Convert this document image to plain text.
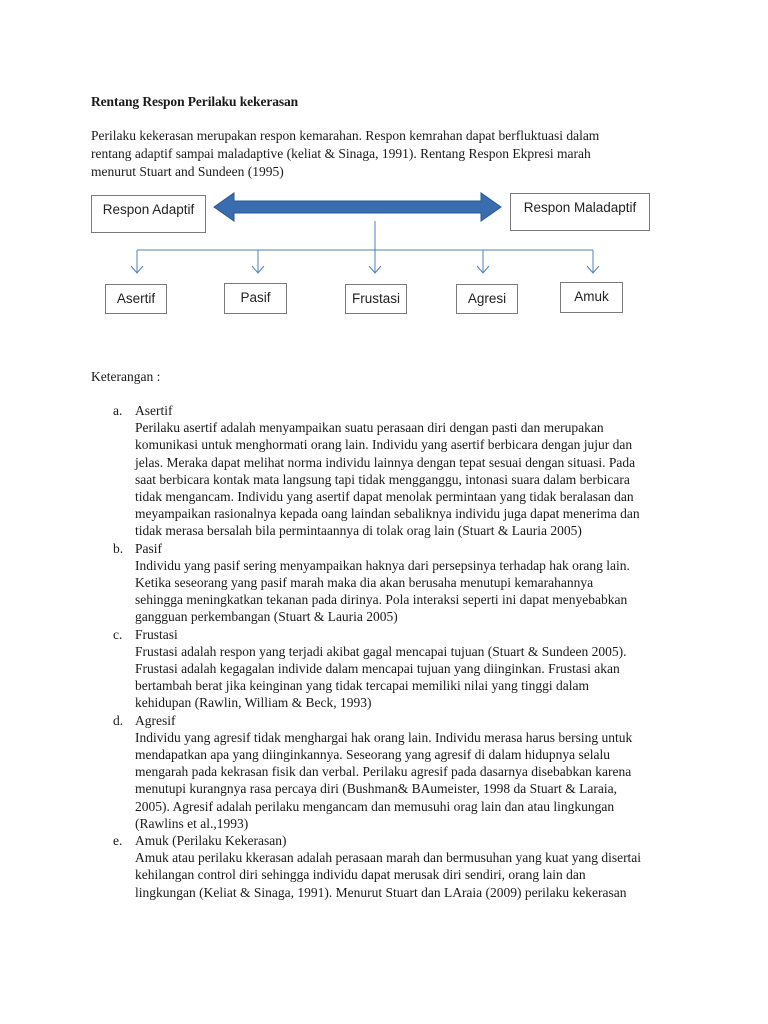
Rentang Respon Perilaku kekerasan
Perilaku kekerasan merupakan respon kemarahan. Respon kemrahan dapat berfluktuasi dalam
rentang adaptif sampai maladaptive (keliat & Sinaga, 1991). Rentang Respon Ekpresi marah
menurut Stuart and Sundeen (1995)
Respon Adaptif	Respon Maladaptif
Asertif	Pasif	Frustasi	Agresi	Amuk
Keterangan :
a. Asertif
Perilaku asertif adalah menyampaikan suatu perasaan diri dengan pasti dan merupakan
komunikasi untuk menghormati orang lain. Individu yang asertif berbicara dengan jujur dan
jelas. Meraka dapat melihat norma individu lainnya dengan tepat sesuai dengan situasi. Pada
saat berbicara kontak mata langsung tapi tidak mengganggu, intonasi suara dalam berbicara
tidak mengancam. Individu yang asertif dapat menolak permintaan yang tidak beralasan dan
meyampaikan rasionalnya kepada oang laindan sebaliknya individu juga dapat menerima dan
tidak merasa bersalah bila permintaannya di tolak orag lain (Stuart & Lauria 2005)
b. Pasif
Individu yang pasif sering menyampaikan haknya dari persepsinya terhadap hak orang lain.
Ketika seseorang yang pasif marah maka dia akan berusaha menutupi kemarahannya
sehingga meningkatkan tekanan pada dirinya. Pola interaksi seperti ini dapat menyebabkan
gangguan perkembangan (Stuart & Lauria 2005)
c. Frustasi
Frustasi adalah respon yang terjadi akibat gagal mencapai tujuan (Stuart & Sundeen 2005).
Frustasi adalah kegagalan individe dalam mencapai tujuan yang diinginkan. Frustasi akan
bertambah berat jika keinginan yang tidak tercapai memiliki nilai yang tinggi dalam
kehidupan (Rawlin, William & Beck, 1993)
d. Agresif
Individu yang agresif tidak menghargai hak orang lain. Individu merasa harus bersing untuk
mendapatkan apa yang diinginkannya. Seseorang yang agresif di dalam hidupnya selalu
mengarah pada kekrasan fisik dan verbal. Perilaku agresif pada dasarnya disebabkan karena
menutupi kurangnya rasa percaya diri (Bushman& BAumeister, 1998 da Stuart & Laraia,
2005). Agresif adalah perilaku mengancam dan memusuhi orag lain dan atau lingkungan
(Rawlins et al.,1993)
e. Amuk (Perilaku Kekerasan)
Amuk atau perilaku kkerasan adalah perasaan marah dan bermusuhan yang kuat yang disertai
kehilangan control diri sehingga individu dapat merusak diri sendiri, orang lain dan
lingkungan (Keliat & Sinaga, 1991). Menurut Stuart dan LAraia (2009) perilaku kekerasan
